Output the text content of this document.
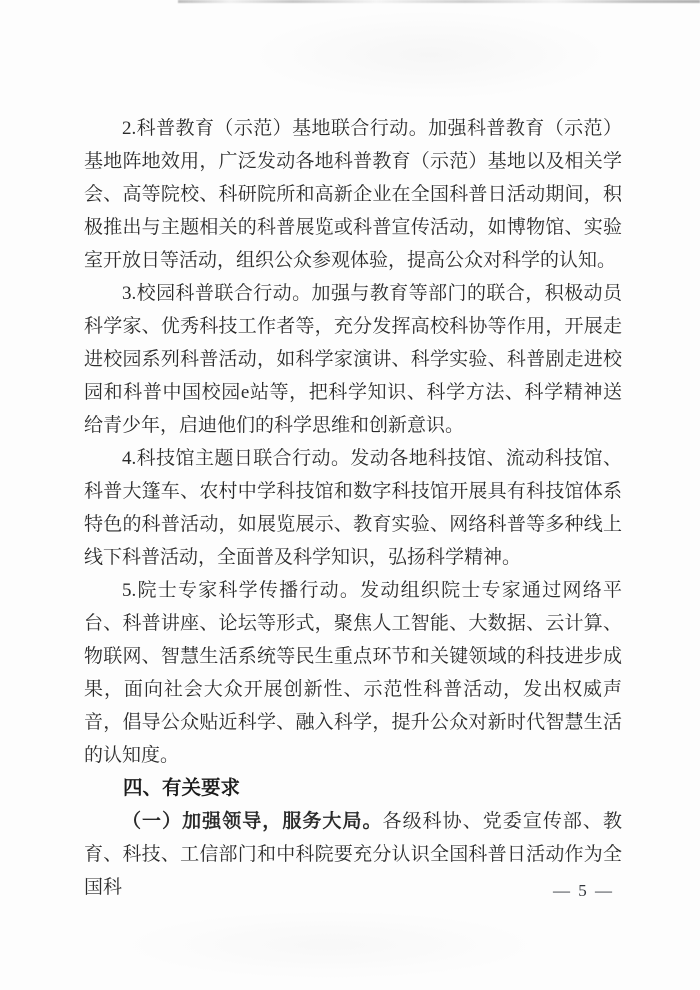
2.科普教育（示范）基地联合行动。加强科普教育（示范）基地阵地效用，广泛发动各地科普教育（示范）基地以及相关学会、高等院校、科研院所和高新企业在全国科普日活动期间，积极推出与主题相关的科普展览或科普宣传活动，如博物馆、实验室开放日等活动，组织公众参观体验，提高公众对科学的认知。

3.校园科普联合行动。加强与教育等部门的联合，积极动员科学家、优秀科技工作者等，充分发挥高校科协等作用，开展走进校园系列科普活动，如科学家演讲、科学实验、科普剧走进校园和科普中国校园e站等，把科学知识、科学方法、科学精神送给青少年，启迪他们的科学思维和创新意识。

4.科技馆主题日联合行动。发动各地科技馆、流动科技馆、科普大篷车、农村中学科技馆和数字科技馆开展具有科技馆体系特色的科普活动，如展览展示、教育实验、网络科普等多种线上线下科普活动，全面普及科学知识，弘扬科学精神。

5.院士专家科学传播行动。发动组织院士专家通过网络平台、科普讲座、论坛等形式，聚焦人工智能、大数据、云计算、物联网、智慧生活系统等民生重点环节和关键领域的科技进步成果，面向社会大众开展创新性、示范性科普活动，发出权威声音，倡导公众贴近科学、融入科学，提升公众对新时代智慧生活的认知度。

四、有关要求

（一）加强领导，服务大局。各级科协、党委宣传部、教育、科技、工信部门和中科院要充分认识全国科普日活动作为全国科	— 5 —
